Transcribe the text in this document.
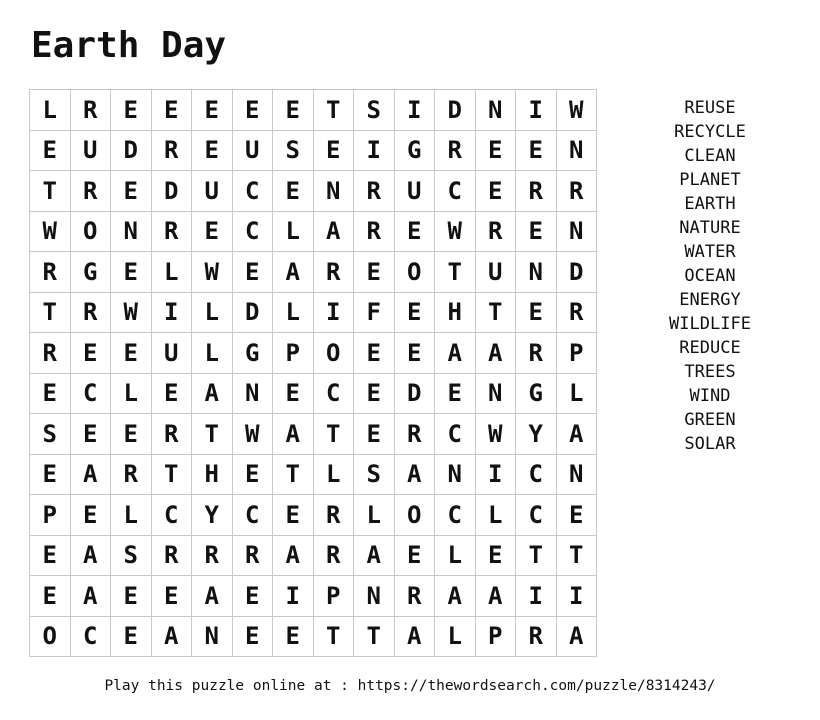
Earth Day
L	R	E	E	E	E	E	T	S	I	D	N	I	W
E	U	D	R	E	U	S	E	I	G	R	E	E	N
T	R	E	D	U	C	E	N	R	U	C	E	R	R
W	O	N	R	E	C	L	A	R	E	W	R	E	N
R	G	E	L	W	E	A	R	E	O	T	U	N	D
T	R	W	I	L	D	L	I	F	E	H	T	E	R
R	E	E	U	L	G	P	O	E	E	A	A	R	P
E	C	L	E	A	N	E	C	E	D	E	N	G	L
S	E	E	R	T	W	A	T	E	R	C	W	Y	A
E	A	R	T	H	E	T	L	S	A	N	I	C	N
P	E	L	C	Y	C	E	R	L	O	C	L	C	E
E	A	S	R	R	R	A	R	A	E	L	E	T	T
E	A	E	E	A	E	I	P	N	R	A	A	I	I
O	C	E	A	N	E	E	T	T	A	L	P	R	A
REUSE
RECYCLE
CLEAN
PLANET
EARTH
NATURE
WATER
OCEAN
ENERGY
WILDLIFE
REDUCE
TREES
WIND
GREEN
SOLAR
Play this puzzle online at : https://thewordsearch.com/puzzle/8314243/
